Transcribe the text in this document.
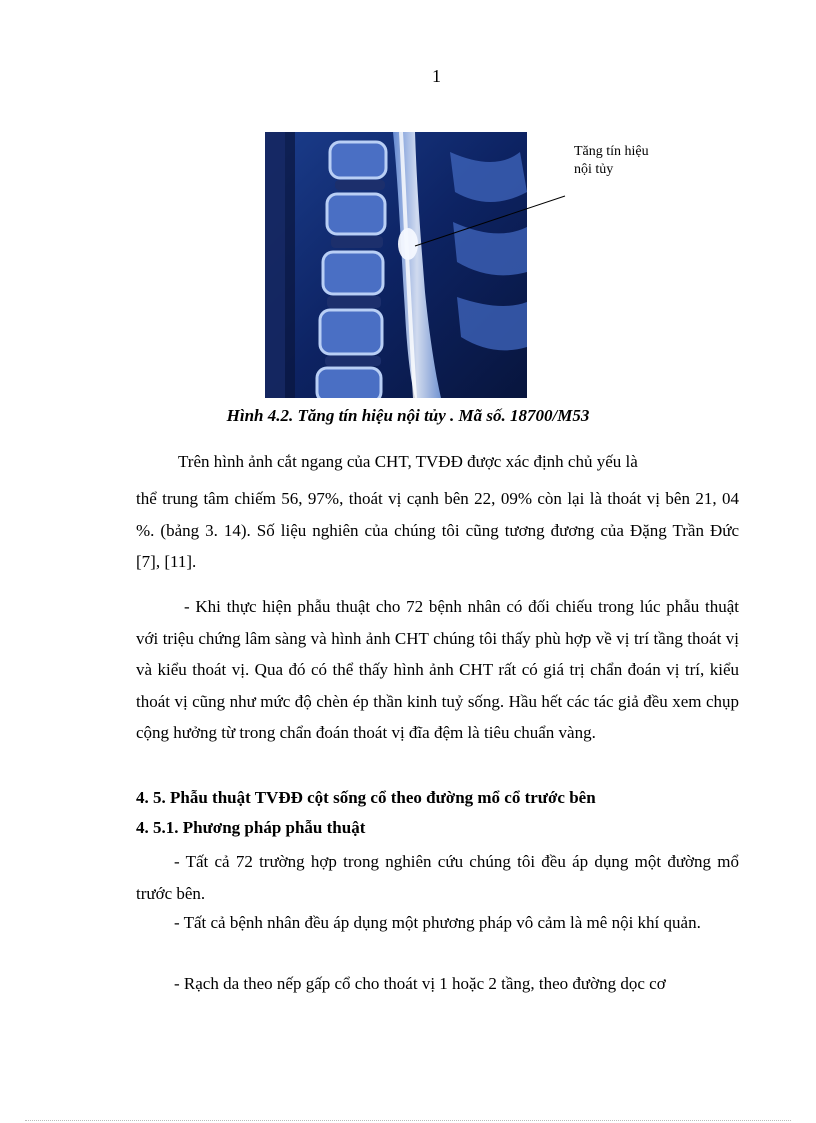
1
Tăng tín hiệu
nội tủy
Hình 4.2. Tăng tín hiệu nội tủy . Mã số. 18700/M53
Trên hình ảnh cắt ngang của CHT, TVĐĐ được xác định chủ yếu là
thể trung tâm chiếm 56, 97%, thoát vị cạnh bên 22, 09% còn lại là thoát vị bên 21, 04 %. (bảng 3. 14). Số liệu nghiên của chúng tôi cũng tương đương của Đặng Trần Đức [7], [11].
- Khi thực hiện phẫu thuật cho 72 bệnh nhân có đối chiếu trong lúc phẫu thuật với triệu chứng lâm sàng và hình ảnh CHT chúng tôi thấy phù hợp về vị trí tầng thoát vị và kiểu thoát vị. Qua đó có thể thấy hình ảnh CHT rất có giá trị chẩn đoán vị trí, kiểu thoát vị cũng như mức độ chèn ép thần kinh tuỷ sống. Hầu hết các tác giả đều xem chụp cộng hưởng từ trong chẩn đoán thoát vị đĩa đệm là tiêu chuẩn vàng.
4. 5. Phẫu thuật TVĐĐ cột sống cổ theo đường mổ cổ trước bên
4. 5.1. Phương pháp phẫu thuật
- Tất cả 72 trường hợp trong nghiên cứu chúng tôi đều áp dụng một đường mổ trước bên.
- Tất cả bệnh nhân đều áp dụng một phương pháp vô cảm là mê nội khí quản.
- Rạch da theo nếp gấp cổ cho thoát vị 1 hoặc 2 tầng, theo đường dọc cơ
